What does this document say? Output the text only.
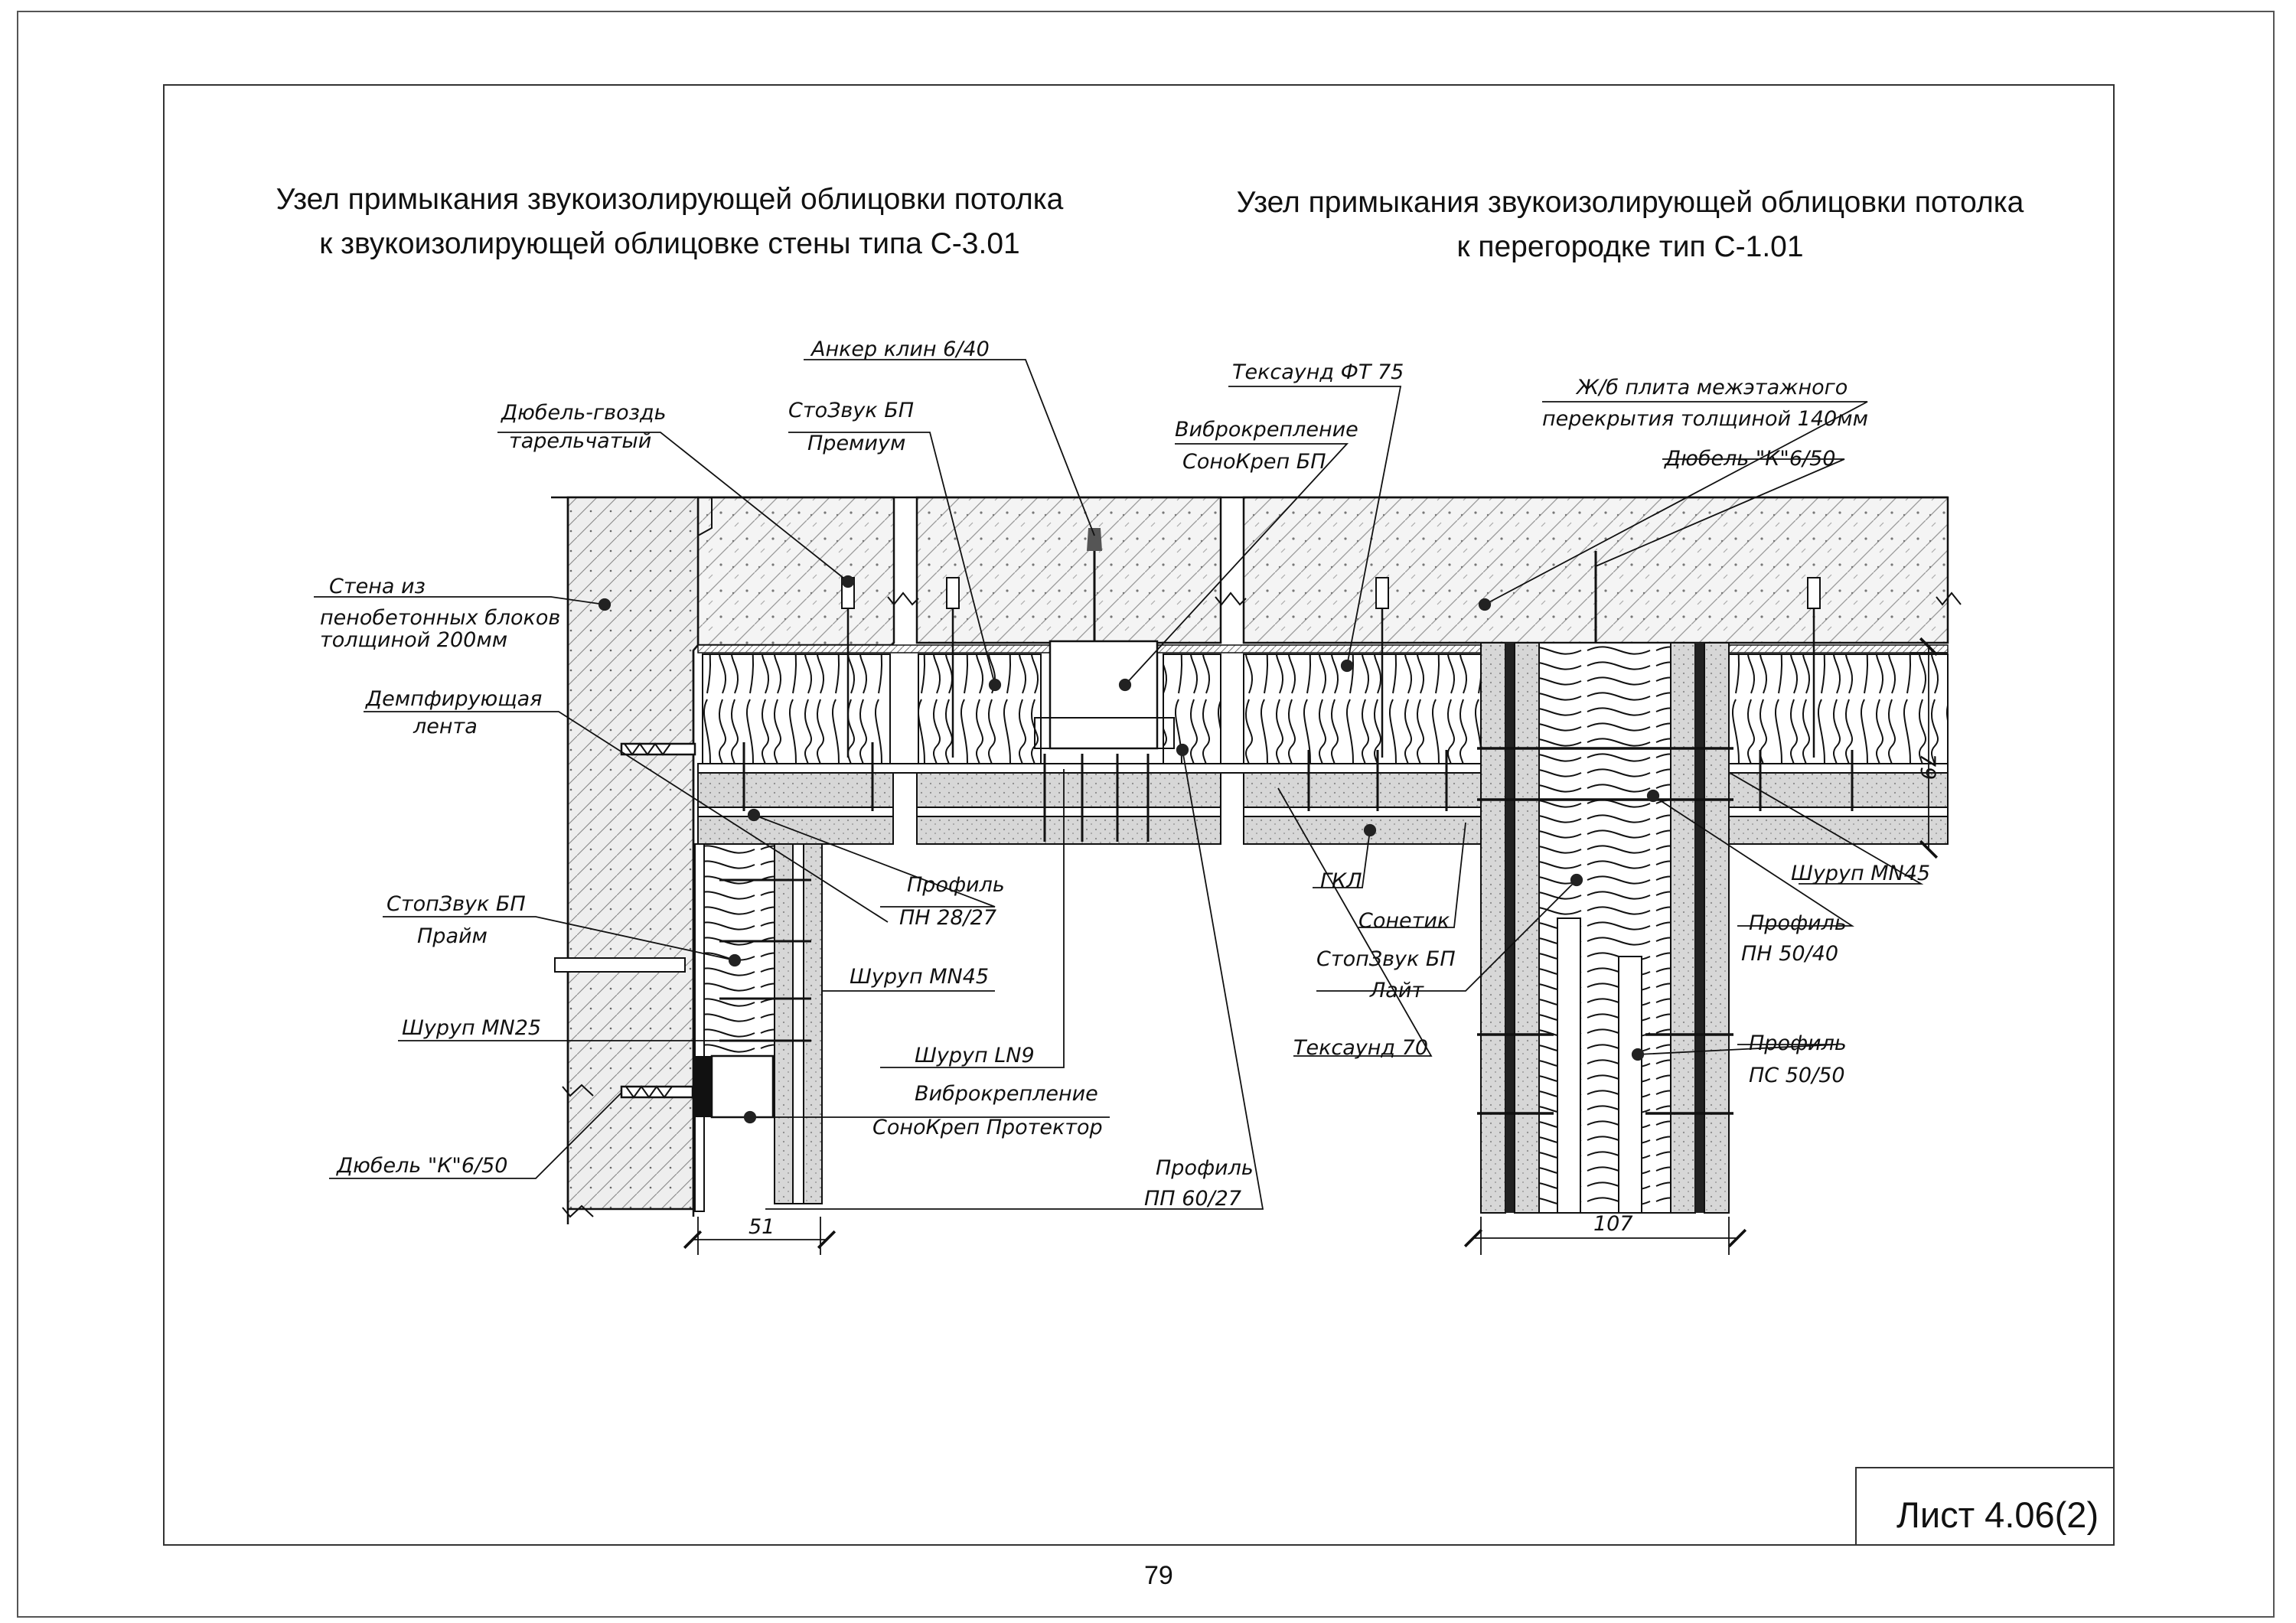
Узел примыкания звукоизолирующей облицовки потолка
к звукоизолирующей облицовке стены типа С-3.01
Узел примыкания звукоизолирующей облицовки потолка
к перегородке тип С-1.01
Дюбель-гвоздь
тарельчатый
Анкер клин 6/40
СтоЗвук БП
Премиум
Виброкрепление
СоноКреп БП
Тексаунд ФТ 75
Ж/б плита межэтажного
перекрытия толщиной 140мм
Дюбель "К"6/50
Стена из
пенобетонных блоков
толщиной 200мм
Демпфирующая
лента
Профиль
ПН 28/27
СтопЗвук БП
Прайм
Шуруп МN45
Шуруп МN25
Шуруп LN9
Виброкрепление
СоноКреп Протектор
Дюбель "К"6/50	Профиль
ПП 60/27
ГКЛ
Сонетик
СтопЗвук БП
Лайт
Тексаунд 70
Шуруп МN45
Профиль
ПН 50/40
Профиль
ПС 50/50
51	107
79
Лист 4.06(2)
79
